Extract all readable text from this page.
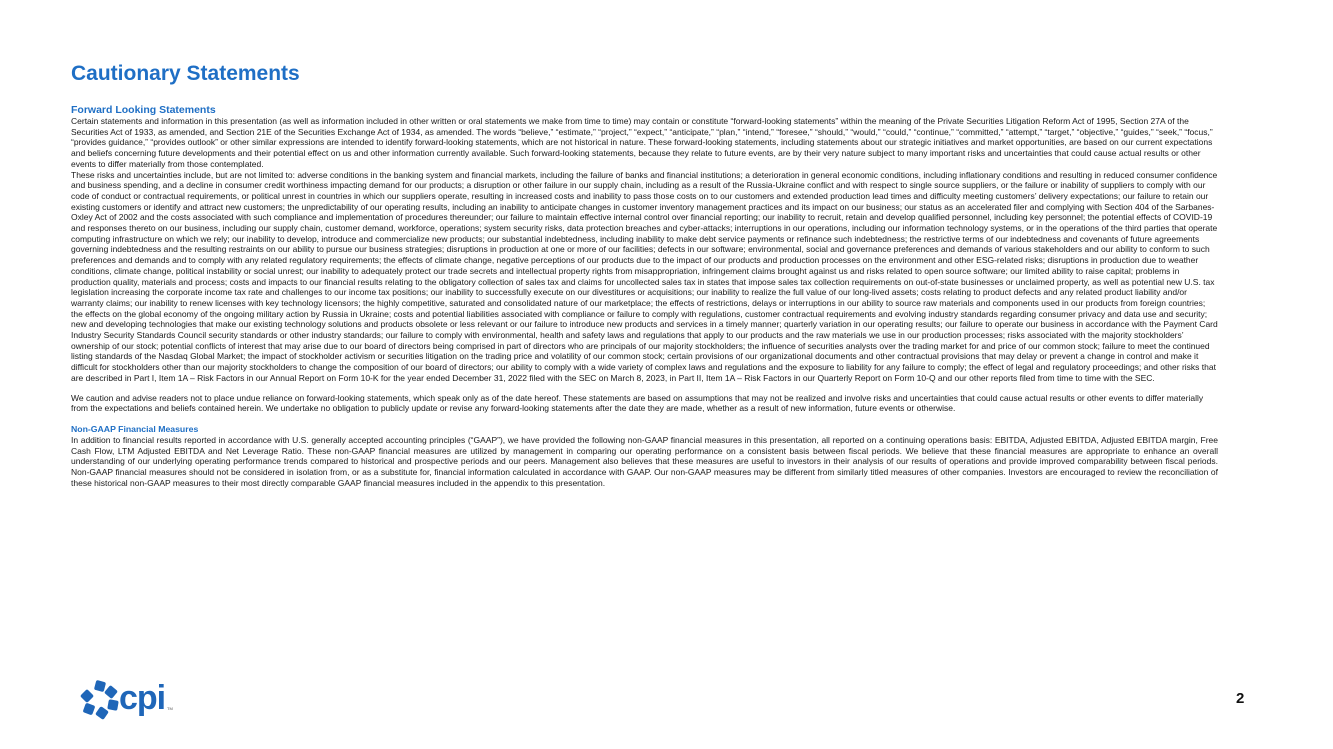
Cautionary Statements
Forward Looking Statements

Certain statements and information in this presentation (as well as information included in other written or oral statements we make from time to time) may contain or constitute “forward-looking statements” within the meaning of the Private Securities Litigation Reform Act of 1995, Section 27A of the Securities Act of 1933, as amended, and Section 21E of the Securities Exchange Act of 1934, as amended. The words “believe,” “estimate,” “project,” “expect,” “anticipate,” “plan,” “intend,” “foresee,” “should,” “would,” “could,” “continue,” “committed,” “attempt,” “target,” “objective,” “guides,” “seek,” “focus,” “provides guidance,” “provides outlook” or other similar expressions are intended to identify forward-looking statements, which are not historical in nature. These forward-looking statements, including statements about our strategic initiatives and market opportunities, are based on our current expectations and beliefs concerning future developments and their potential effect on us and other information currently available. Such forward-looking statements, because they relate to future events, are by their very nature subject to many important risks and uncertainties that could cause actual results or other events to differ materially from those contemplated.

These risks and uncertainties include, but are not limited to: adverse conditions in the banking system and financial markets, including the failure of banks and financial institutions; a deterioration in general economic conditions, including inflationary conditions and resulting in reduced consumer confidence and business spending, and a decline in consumer credit worthiness impacting demand for our products; a disruption or other failure in our supply chain, including as a result of the Russia-Ukraine conflict and with respect to single source suppliers, or the failure or inability of suppliers to comply with our code of conduct or contractual requirements, or political unrest in countries in which our suppliers operate, resulting in increased costs and inability to pass those costs on to our customers and extended production lead times and difficulty meeting customers’ delivery expectations; our failure to retain our existing customers or identify and attract new customers; the unpredictability of our operating results, including an inability to anticipate changes in customer inventory management practices and its impact on our business; our status as an accelerated filer and complying with Section 404 of the Sarbanes-Oxley Act of 2002 and the costs associated with such compliance and implementation of procedures thereunder; our failure to maintain effective internal control over financial reporting; our inability to recruit, retain and develop qualified personnel, including key personnel; the potential effects of COVID-19 and responses thereto on our business, including our supply chain, customer demand, workforce, operations; system security risks, data protection breaches and cyber-attacks; interruptions in our operations, including our information technology systems, or in the operations of the third parties that operate computing infrastructure on which we rely; our inability to develop, introduce and commercialize new products; our substantial indebtedness, including inability to make debt service payments or refinance such indebtedness; the restrictive terms of our indebtedness and covenants of future agreements governing indebtedness and the resulting restraints on our ability to pursue our business strategies; disruptions in production at one or more of our facilities; defects in our software; environmental, social and governance preferences and demands of various stakeholders and our ability to conform to such preferences and demands and to comply with any related regulatory requirements; the effects of climate change, negative perceptions of our products due to the impact of our products and production processes on the environment and other ESG-related risks; disruptions in production due to weather conditions, climate change, political instability or social unrest; our inability to adequately protect our trade secrets and intellectual property rights from misappropriation, infringement claims brought against us and risks related to open source software; our limited ability to raise capital; problems in production quality, materials and process; costs and impacts to our financial results relating to the obligatory collection of sales tax and claims for uncollected sales tax in states that impose sales tax collection requirements on out-of-state businesses or unclaimed property, as well as potential new U.S. tax legislation increasing the corporate income tax rate and challenges to our income tax positions; our inability to successfully execute on our divestitures or acquisitions; our inability to realize the full value of our long-lived assets; costs relating to product defects and any related product liability and/or warranty claims; our inability to renew licenses with key technology licensors; the highly competitive, saturated and consolidated nature of our marketplace; the effects of restrictions, delays or interruptions in our ability to source raw materials and components used in our products from foreign countries; the effects on the global economy of the ongoing military action by Russia in Ukraine; costs and potential liabilities associated with compliance or failure to comply with regulations, customer contractual requirements and evolving industry standards regarding consumer privacy and data use and security; new and developing technologies that make our existing technology solutions and products obsolete or less relevant or our failure to introduce new products and services in a timely manner; quarterly variation in our operating results; our failure to operate our business in accordance with the Payment Card Industry Security Standards Council security standards or other industry standards; our failure to comply with environmental, health and safety laws and regulations that apply to our products and the raw materials we use in our production processes; risks associated with the majority stockholders’ ownership of our stock; potential conflicts of interest that may arise due to our board of directors being comprised in part of directors who are principals of our majority stockholders; the influence of securities analysts over the trading market for and price of our common stock; failure to meet the continued listing standards of the Nasdaq Global Market; the impact of stockholder activism or securities litigation on the trading price and volatility of our common stock; certain provisions of our organizational documents and other contractual provisions that may delay or prevent a change in control and make it difficult for stockholders other than our majority stockholders to change the composition of our board of directors; our ability to comply with a wide variety of complex laws and regulations and the exposure to liability for any failure to comply; the effect of legal and regulatory proceedings; and other risks that are described in Part I, Item 1A – Risk Factors in our Annual Report on Form 10-K for the year ended December 31, 2022 filed with the SEC on March 8, 2023, in Part II, Item 1A – Risk Factors in our Quarterly Report on Form 10-Q and our other reports filed from time to time with the SEC.

We caution and advise readers not to place undue reliance on forward-looking statements, which speak only as of the date hereof. These statements are based on assumptions that may not be realized and involve risks and uncertainties that could cause actual results or other events to differ materially from the expectations and beliefs contained herein. We undertake no obligation to publicly update or revise any forward-looking statements after the date they are made, whether as a result of new information, future events or otherwise.

Non-GAAP Financial Measures

In addition to financial results reported in accordance with U.S. generally accepted accounting principles (“GAAP”), we have provided the following non-GAAP financial measures in this presentation, all reported on a continuing operations basis: EBITDA, Adjusted EBITDA, Adjusted EBITDA margin, Free Cash Flow, LTM Adjusted EBITDA and Net Leverage Ratio. These non-GAAP financial measures are utilized by management in comparing our operating performance on a consistent basis between fiscal periods. We believe that these financial measures are appropriate to enhance an overall understanding of our underlying operating performance trends compared to historical and prospective periods and our peers. Management also believes that these measures are useful to investors in their analysis of our results of operations and provide improved comparability between fiscal periods. Non-GAAP financial measures should not be considered in isolation from, or as a substitute for, financial information calculated in accordance with GAAP. Our non-GAAP measures may be different from similarly titled measures of other companies. Investors are encouraged to review the reconciliation of these historical non-GAAP measures to their most directly comparable GAAP financial measures included in the appendix to this presentation.

cpi TM
2
